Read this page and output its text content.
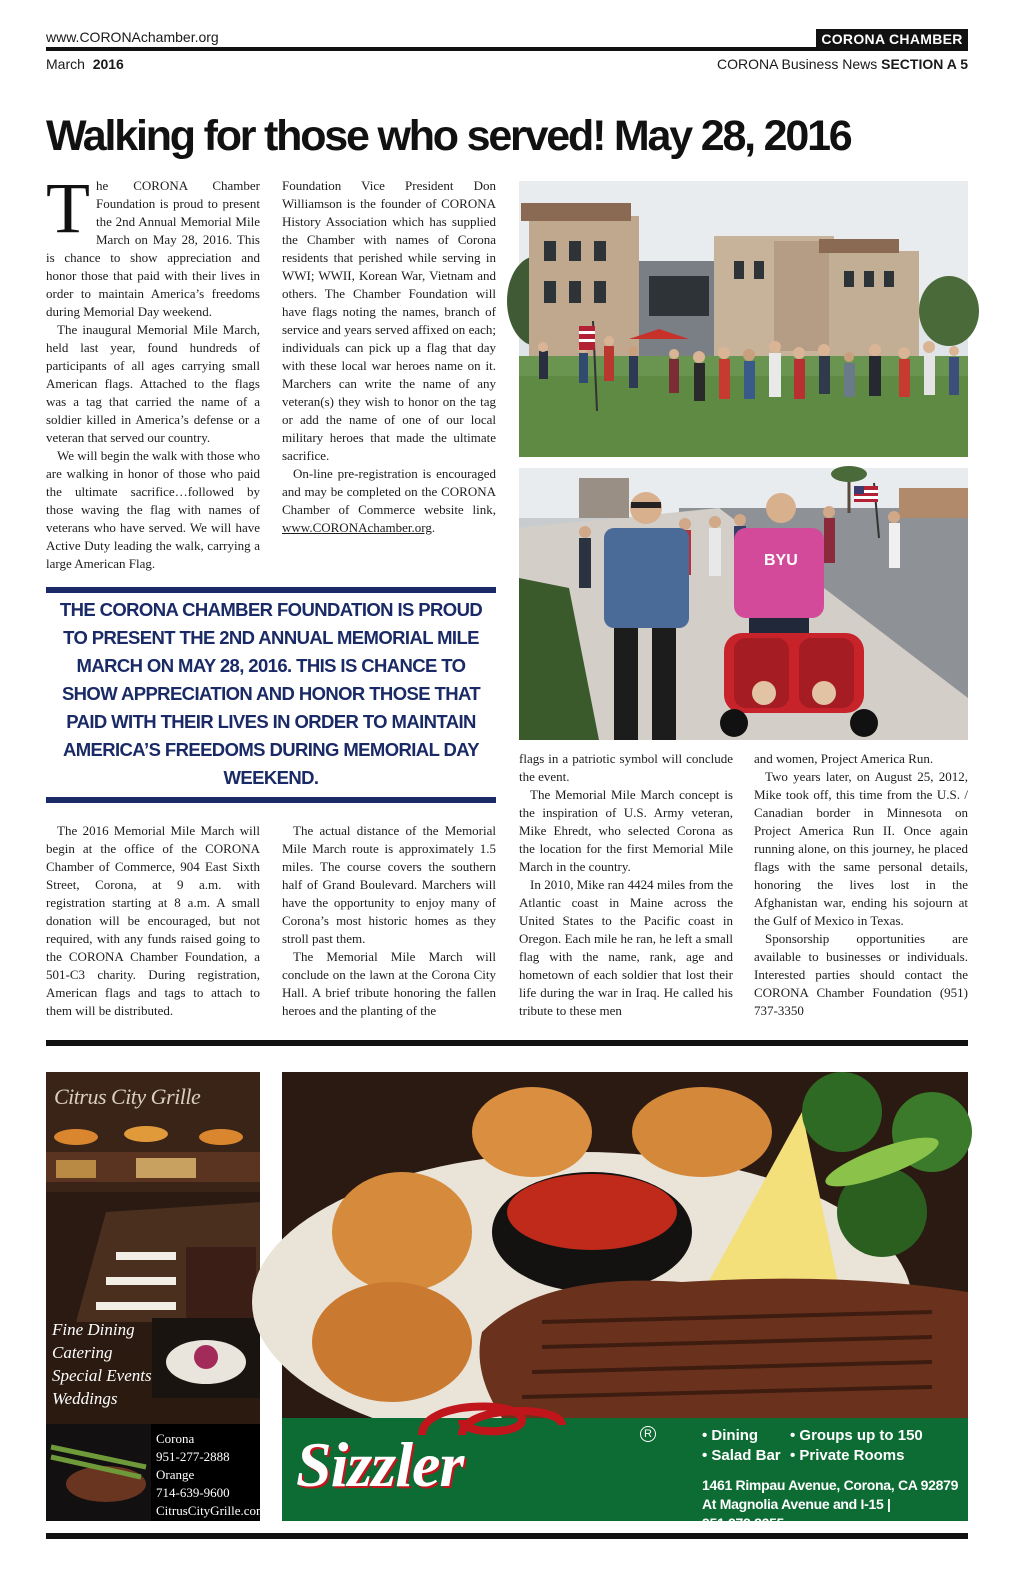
www.CORONAchamber.org	CORONA CHAMBER
March 2016	CORONA Business News SECTION A 5
Walking for those who served! May 28, 2016

The CORONA Chamber Foundation is proud to present the 2nd Annual Memorial Mile March on May 28, 2016. This is chance to show appreciation and honor those that paid with their lives in order to maintain America’s freedoms during Memorial Day weekend.

The inaugural Memorial Mile March, held last year, found hundreds of participants of all ages carrying small American flags. Attached to the flags was a tag that carried the name of a soldier killed in America’s defense or a veteran that served our country.

We will begin the walk with those who are walking in honor of those who paid the ultimate sacrifice…followed by those waving the flag with names of veterans who have served. We will have Active Duty leading the walk, carrying a large American Flag.

Foundation Vice President Don Williamson is the founder of CORONA History Association which has supplied the Chamber with names of Corona residents that perished while serving in WWI; WWII, Korean War, Vietnam and others. The Chamber Foundation will have flags noting the names, branch of service and years served affixed on each; individuals can pick up a flag that day with these local war heroes name on it. Marchers can write the name of any veteran(s) they wish to honor on the tag or add the name of one of our local military heroes that made the ultimate sacrifice.

On-line pre-registration is encouraged and may be completed on the CORONA Chamber of Commerce website link, www.CORONAchamber.org.

THE CORONA CHAMBER FOUNDATION IS PROUD TO PRESENT THE 2ND ANNUAL MEMORIAL MILE MARCH ON MAY 28, 2016. THIS IS CHANCE TO SHOW APPRECIATION AND HONOR THOSE THAT PAID WITH THEIR LIVES IN ORDER TO MAINTAIN AMERICA’S FREEDOMS DURING MEMORIAL DAY WEEKEND.

The 2016 Memorial Mile March will begin at the office of the CORONA Chamber of Commerce, 904 East Sixth Street, Corona, at 9 a.m. with registration starting at 8 a.m. A small donation will be encouraged, but not required, with any funds raised going to the CORONA Chamber Foundation, a 501-C3 charity. During registration, American flags and tags to attach to them will be distributed.

The actual distance of the Memorial Mile March route is approximately 1.5 miles. The course covers the southern half of Grand Boulevard. Marchers will have the opportunity to enjoy many of Corona’s most historic homes as they stroll past them.

The Memorial Mile March will conclude on the lawn at the Corona City Hall. A brief tribute honoring the fallen heroes and the planting of the

flags in a patriotic symbol will conclude the event.

The Memorial Mile March concept is the inspiration of U.S. Army veteran, Mike Ehredt, who selected Corona as the location for the first Memorial Mile March in the country.

In 2010, Mike ran 4424 miles from the Atlantic coast in Maine across the United States to the Pacific coast in Oregon. Each mile he ran, he left a small flag with the name, rank, age and hometown of each soldier that lost their life during the war in Iraq. He called his tribute to these men

and women, Project America Run.

Two years later, on August 25, 2012, Mike took off, this time from the U.S. / Canadian border in Minnesota on Project America Run II. Once again running alone, on this journey, he placed flags with the same personal details, honoring the lives lost in the Afghanistan war, ending his sojourn at the Gulf of Mexico in Texas.

Sponsorship opportunities are available to businesses or individuals. Interested parties should contact the CORONA Chamber Foundation (951) 737-3350

BYU
Citrus City Grille
Fine Dining
Catering
Special Events
Weddings
Corona
951-277-2888
Orange
714-639-9600
CitrusCityGrille.com
Sizzler	R	• Dining
• Salad Bar
• Groups up to 150
• Private Rooms
1461 Rimpau Avenue, Corona, CA 92879
At Magnolia Avenue and I-15 | 951.272.8255
